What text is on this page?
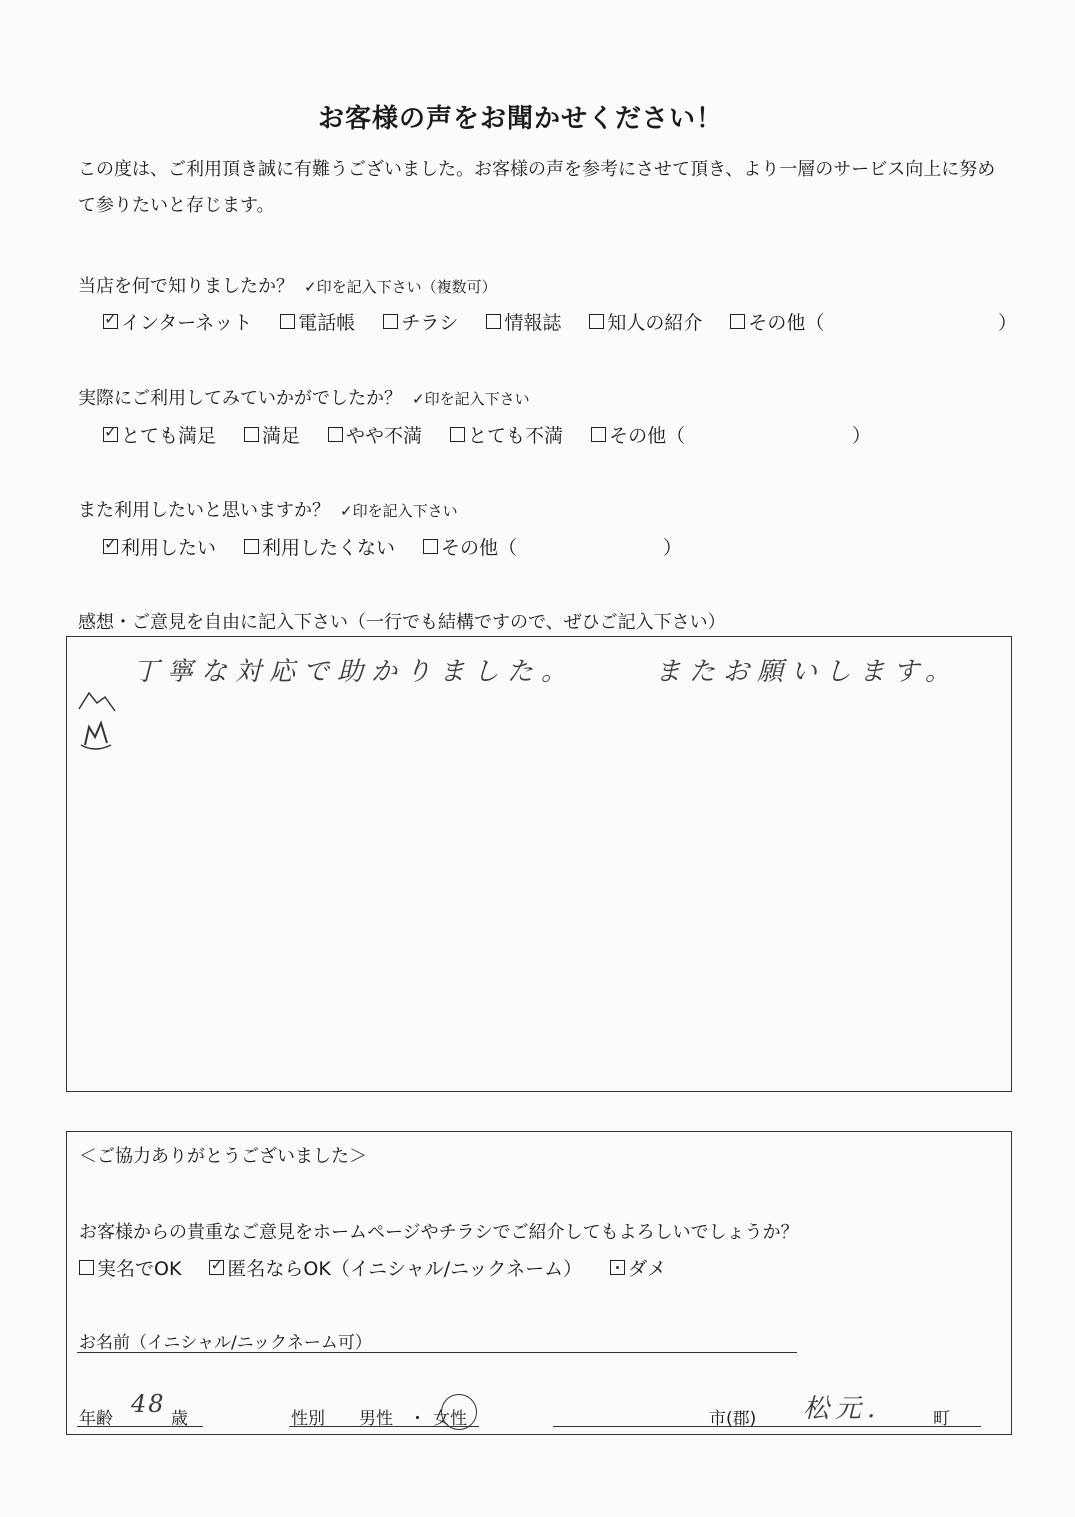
お客様の声をお聞かせください！
この度は、ご利用頂き誠に有難うございました。お客様の声を参考にさせて頂き、より一層のサービス向上に努めて参りたいと存じます。
当店を何で知りましたか？ ✓印を記入下さい（複数可）
✓
インターネット 電話帳 チラシ 情報誌 知人の紹介 その他（	）
実際にご利用してみていかがでしたか？ ✓印を記入下さい
✓
とても満足 満足 やや不満 とても不満 その他（	）
また利用したいと思いますか？ ✓印を記入下さい
✓
利用したい 利用したくない その他（	）
感想・ご意見を自由に記入下さい（一行でも結構ですので、ぜひご記入下さい）
丁寧な対応で助かりました。	またお願いします。
＜ご協力ありがとうございました＞
お客様からの貴重なご意見をホームページやチラシでご紹介してもよろしいでしょうか？
実名でOK
✓ 匿名ならOK（イニシャル/ニックネーム） ダメ
お名前（イニシャル/ニックネーム可）
年齢
48
歳	性別 男性 ・ 女性	市(郡) 松元.	町
